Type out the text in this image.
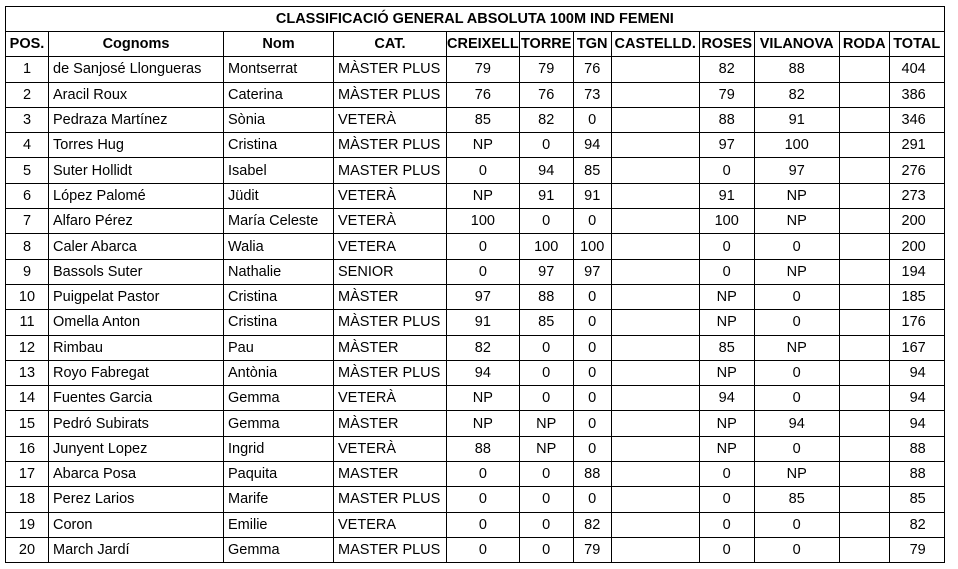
CLASSIFICACIÓ GENERAL ABSOLUTA 100M IND FEMENI											
POS.	Cognoms	Nom	CAT.	CREIXELL	TORRE	TGN	CASTELLD.	ROSES	VILANOVA	RODA	TOTAL
1	de Sanjosé Llongueras	Montserrat	MÀSTER PLUS	79	79	76		82	88		404
2	Aracil Roux	Caterina	MÀSTER PLUS	76	76	73		79	82		386
3	Pedraza Martínez	Sònia	VETERÀ	85	82	0		88	91		346
4	Torres Hug	Cristina	MÀSTER PLUS	NP	0	94		97	100		291
5	Suter Hollidt	Isabel	MASTER PLUS	0	94	85		0	97		276
6	López Palomé	Jüdit	VETERÀ	NP	91	91		91	NP		273
7	Alfaro Pérez	María Celeste	VETERÀ	100	0	0		100	NP		200
8	Caler Abarca	Walia	VETERA	0	100	100		0	0		200
9	Bassols Suter	Nathalie	SENIOR	0	97	97		0	NP		194
10	Puigpelat Pastor	Cristina	MÀSTER	97	88	0		NP	0		185
11	Omella Anton	Cristina	MÀSTER PLUS	91	85	0		NP	0		176
12	Rimbau	Pau	MÀSTER	82	0	0		85	NP		167
13	Royo Fabregat	Antònia	MÀSTER PLUS	94	0	0		NP	0		94
14	Fuentes Garcia	Gemma	VETERÀ	NP	0	0		94	0		94
15	Pedró Subirats	Gemma	MÀSTER	NP	NP	0		NP	94		94
16	Junyent Lopez	Ingrid	VETERÀ	88	NP	0		NP	0		88
17	Abarca Posa	Paquita	MASTER	0	0	88		0	NP		88
18	Perez Larios	Marife	MASTER PLUS	0	0	0		0	85		85
19	Coron	Emilie	VETERA	0	0	82		0	0		82
20	March Jardí	Gemma	MASTER PLUS	0	0	79		0	0		79
